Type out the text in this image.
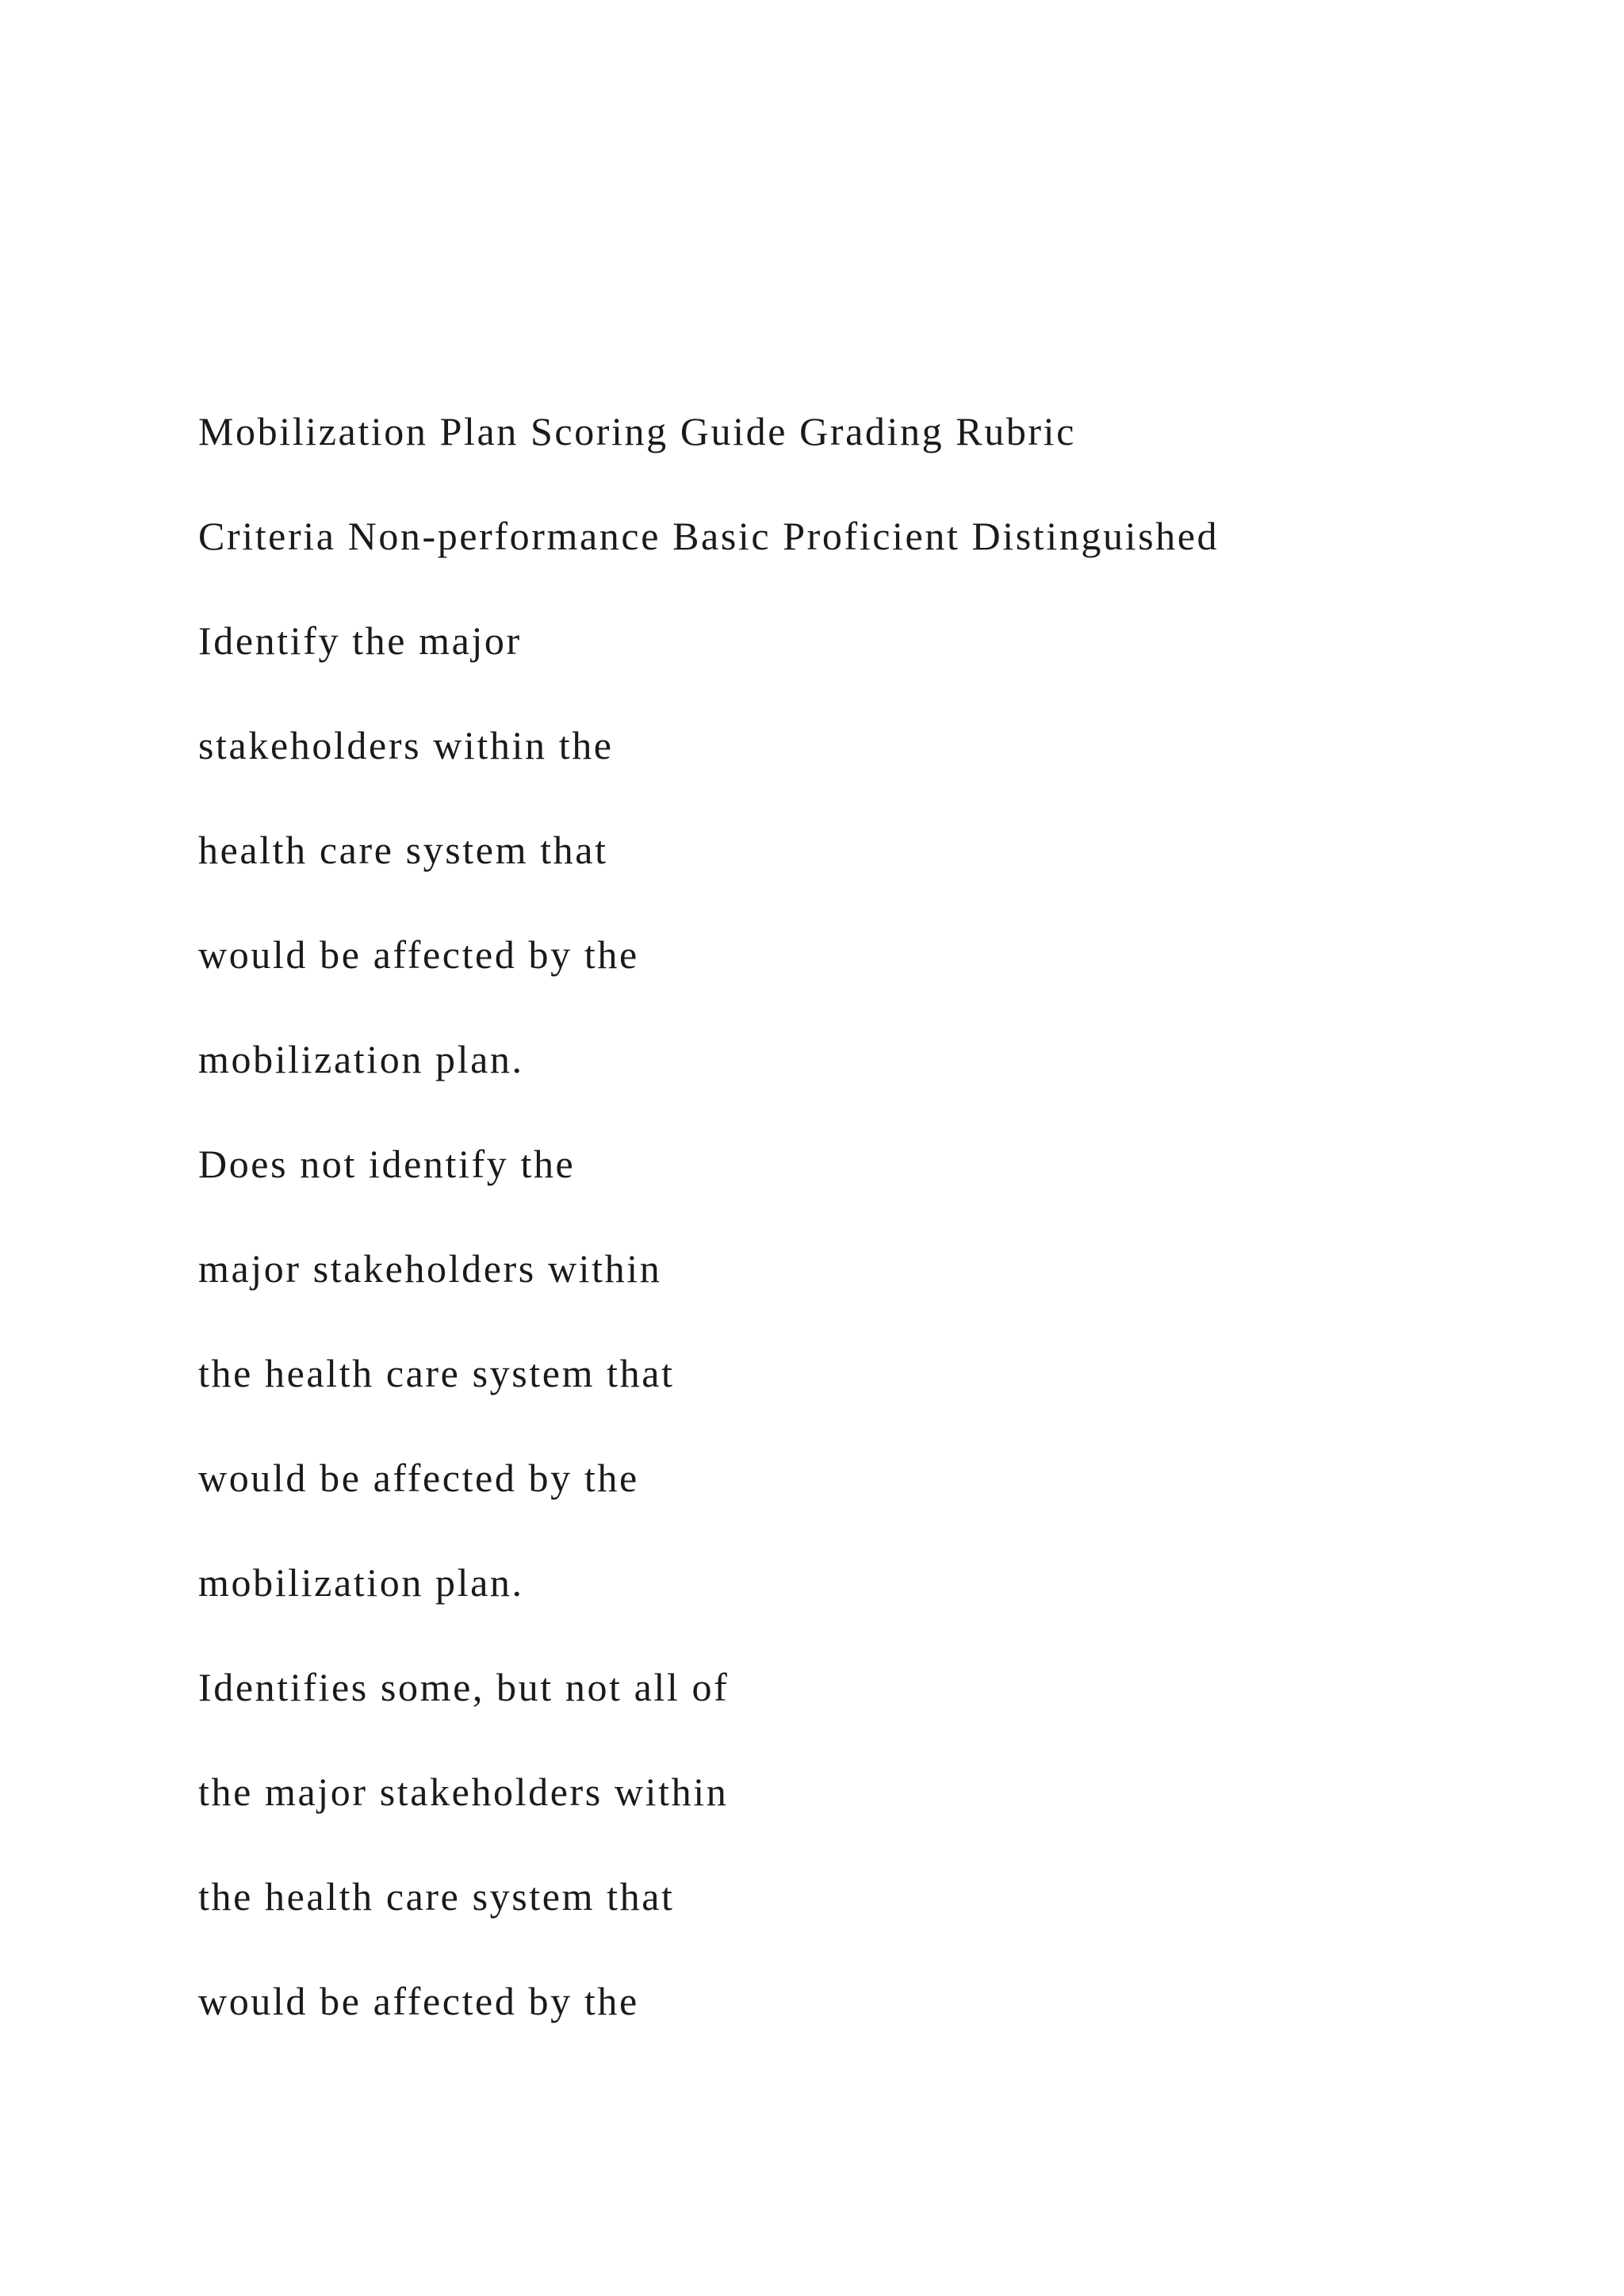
Mobilization Plan Scoring Guide Grading Rubric
Criteria Non-performance Basic Proficient Distinguished
Identify the major
stakeholders within the
health care system that
would be affected by the
mobilization plan.
Does not identify the
major stakeholders within
the health care system that
would be affected by the
mobilization plan.
Identifies some, but not all of
the major stakeholders within
the health care system that
would be affected by the
